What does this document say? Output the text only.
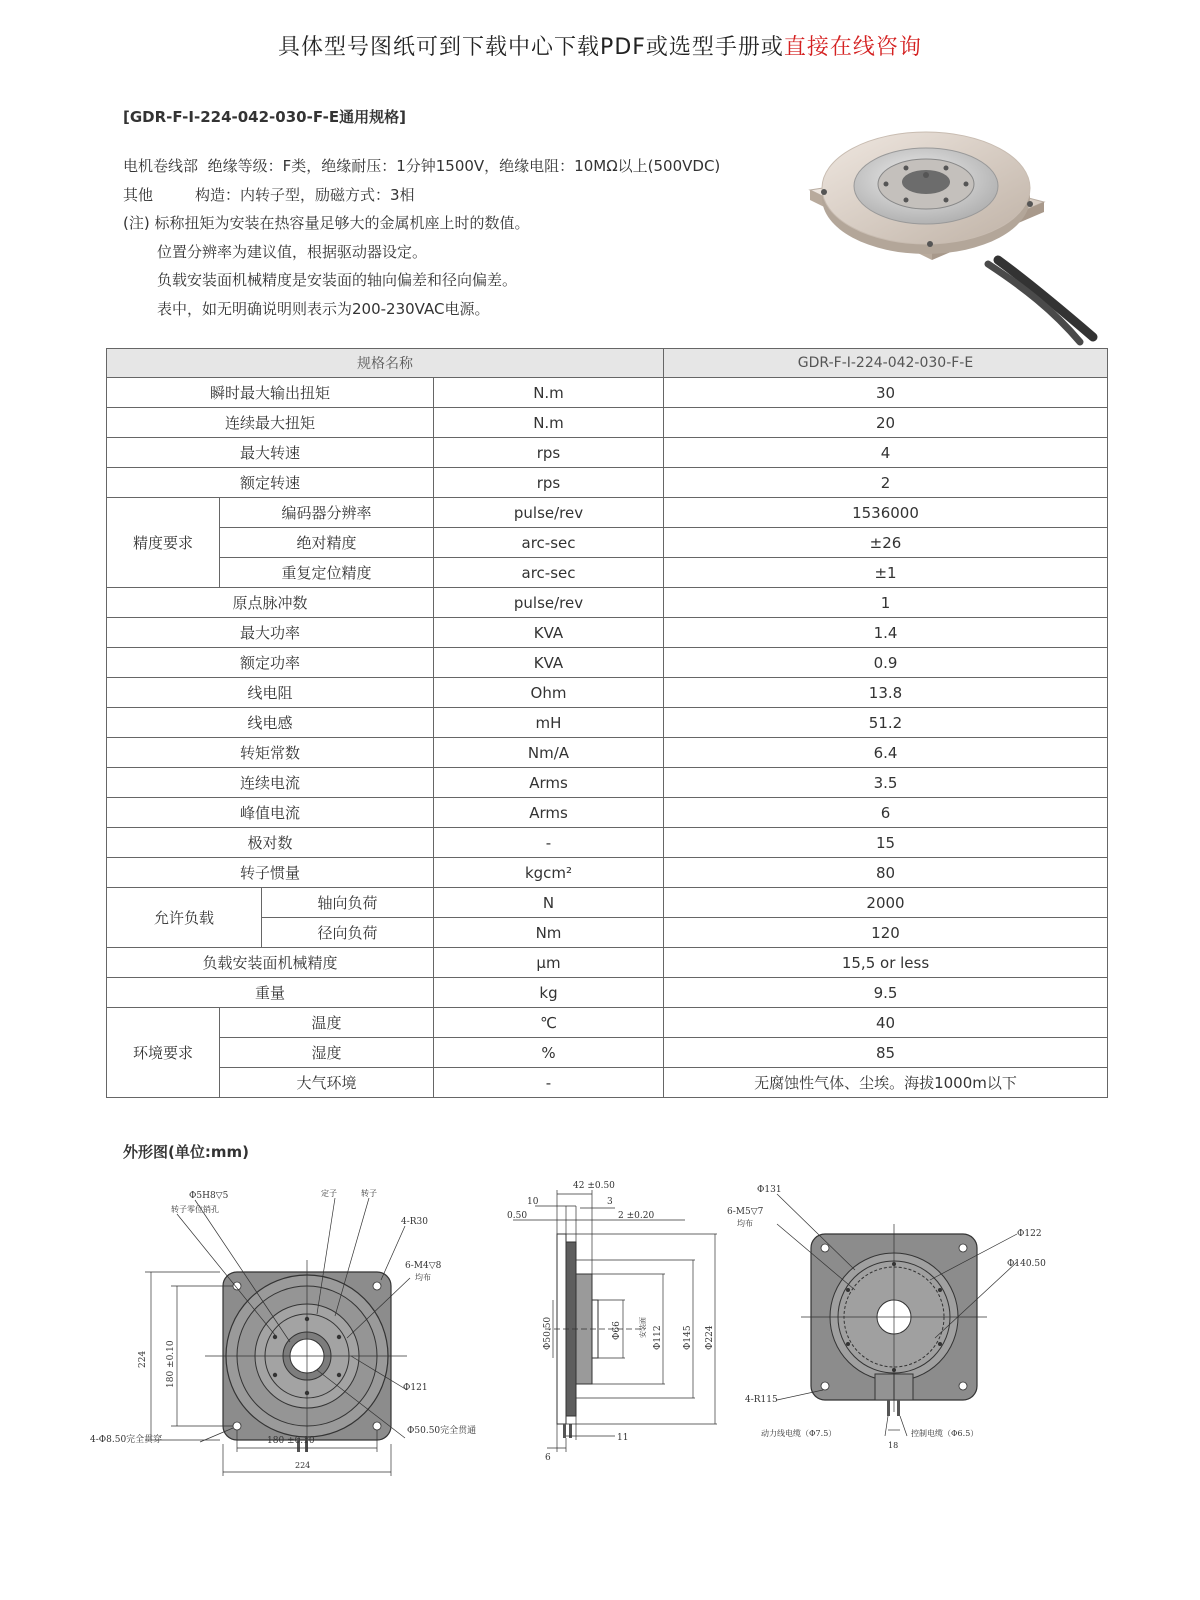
具体型号图纸可到下载中心下载PDF或选型手册或直接在线咨询
[GDR-F-I-224-042-030-F-E通用规格]
电机卷线部 绝缘等级：F类，绝缘耐压：1分钟1500V，绝缘电阻：10MΩ以上(500VDC)
其他	构造：内转子型，励磁方式：3相
(注) 标称扭矩为安装在热容量足够大的金属机座上时的数值。
位置分辨率为建议值，根据驱动器设定。
负载安装面机械精度是安装面的轴向偏差和径向偏差。
表中，如无明确说明则表示为200-230VAC电源。
规格名称				GDR-F-I-224-042-030-F-E
瞬时最大输出扭矩			N.m	30
连续最大扭矩			N.m	20
最大转速			rps	4
额定转速			rps	2
精度要求	编码器分辨率		pulse/rev	1536000
	绝对精度		arc-sec	±26
	重复定位精度		arc-sec	±1
原点脉冲数			pulse/rev	1
最大功率			KVA	1.4
额定功率			KVA	0.9
线电阻			Ohm	13.8
线电感			mH	51.2
转矩常数			Nm/A	6.4
连续电流			Arms	3.5
峰值电流			Arms	6
极对数			-	15
转子惯量			kgcm²	80
允许负载		轴向负荷	N	2000
		径向负荷	Nm	120
负载安装面机械精度			μm	15,5 or less
重量			kg	9.5
环境要求	温度		℃	40
	湿度		%	85
	大气环境		-	无腐蚀性气体、尘埃。海拔1000m以下
外形图(单位:mm)
Φ5H8▽5
转子零位销孔
定子	转子
4-R30
6-M4▽8
均布
224 180 ±0.10	Φ121
4-Φ8.50完全贯穿
Φ50.50完全贯通
180 ±0.10
224
42 ±0.50
10	3
0.50	2 ±0.20
Φ50.50	Φ66 安装面 Φ112 Φ145 Φ224
11
6
Φ131
6-M5▽7
均布
Φ122
Φ140.50
4-R115
动力线电缆（Φ7.5）	控制电缆（Φ6.5）
18
